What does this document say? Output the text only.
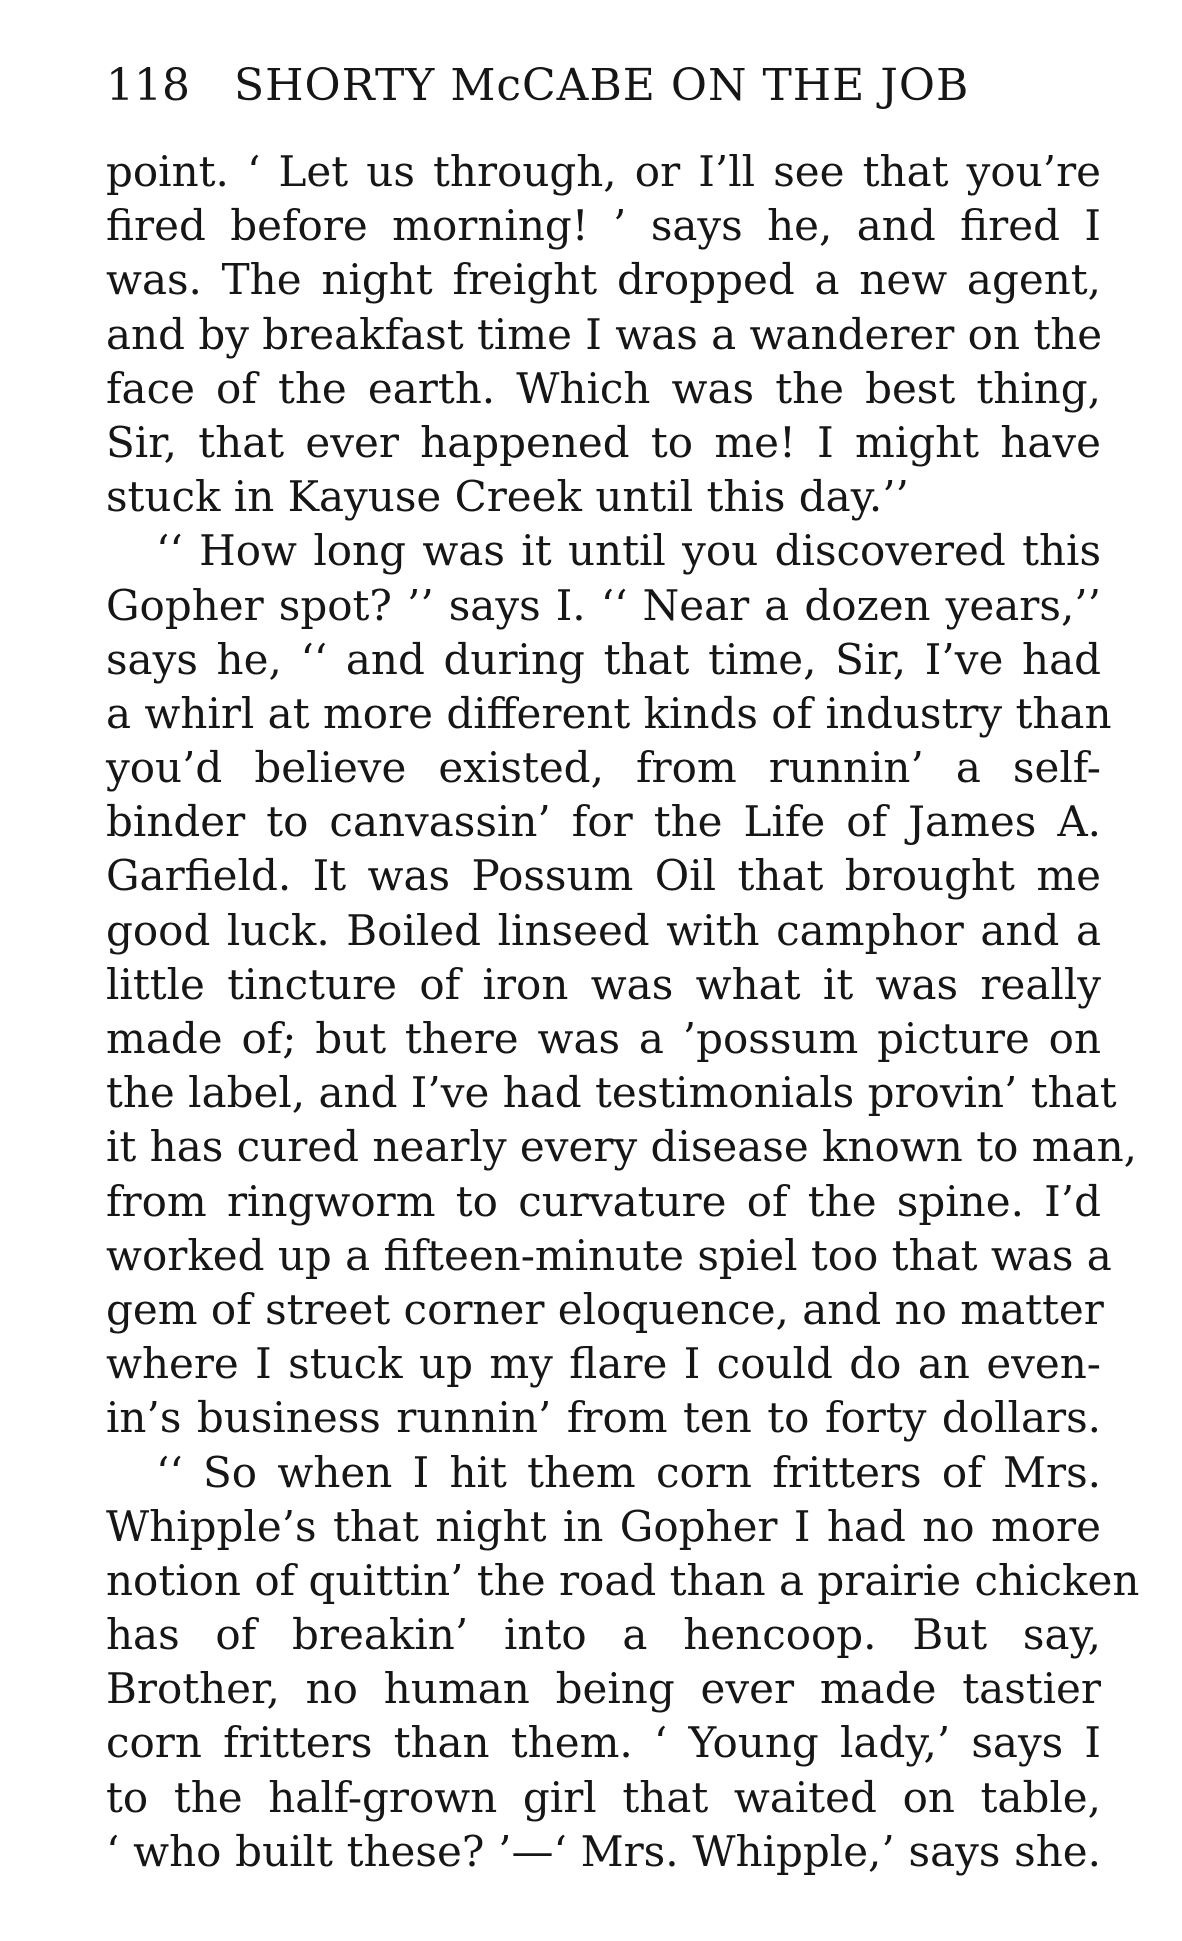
118 SHORTY McCABE ON THE JOB
point. ‘ Let us through, or I’ll see that you’re
fired before morning! ’ says he, and fired I
was. The night freight dropped a new agent,
and by breakfast time I was a wanderer on the
face of the earth. Which was the best thing,
Sir, that ever happened to me! I might have
stuck in Kayuse Creek until this day.’’
‘‘ How long was it until you discovered this
Gopher spot? ’’ says I. ‘‘ Near a dozen years,’’
says he, ‘‘ and during that time, Sir, I’ve had
a whirl at more different kinds of industry than
you’d believe existed, from runnin’ a self-
binder to canvassin’ for the Life of James A.
Garfield. It was Possum Oil that brought me
good luck. Boiled linseed with camphor and a
little tincture of iron was what it was really
made of; but there was a ’possum picture on
the label, and I’ve had testimonials provin’ that
it has cured nearly every disease known to man,
from ringworm to curvature of the spine. I’d
worked up a fifteen-minute spiel too that was a
gem of street corner eloquence, and no matter
where I stuck up my flare I could do an even-
in’s business runnin’ from ten to forty dollars.
‘‘ So when I hit them corn fritters of Mrs.
Whipple’s that night in Gopher I had no more
notion of quittin’ the road than a prairie chicken
has of breakin’ into a hencoop. But say,
Brother, no human being ever made tastier
corn fritters than them. ‘ Young lady,’ says I
to the half-grown girl that waited on table,
‘ who built these? ’—‘ Mrs. Whipple,’ says she.
